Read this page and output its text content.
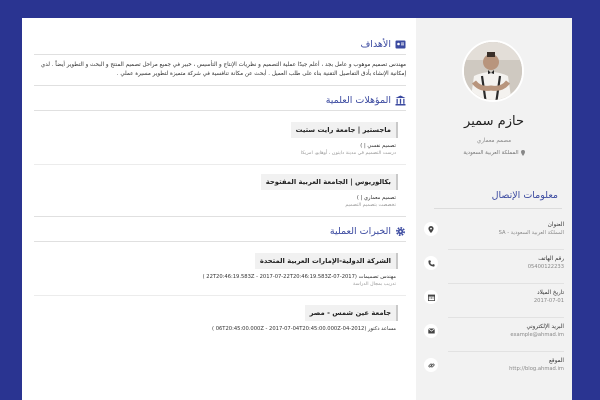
الأهداف

مهندس تصميم موهوب و عامل بجد ، أعلم جيدًا عملية التصميم و نظريات الإنتاج و التأسيس ، خبير في جميع مراحل تصميم المنتج و البحث و التطوير أيضاً . لدي إمكانية الإنشاء بأدق التفاصيل التقنية بناء على طلب العميل . أبحث عن مكانة تنافسية في شركة متميزة لتطوير مسيرة عملي .

المؤهلات العلمية
ماجستير | جامعة رايت ستيت
تصميم نفسي | )
درست التصميم في مدينة دايتون ، أوهايو، امريكا
بكالوريوس | الجامعة العربية المفتوحة
تصميم معماري | )
تخصصت بتصميم التصميم
الخبرات العملية
الشركة الدولية-الإمارات العربية المتحدة
مهندس تصميمات (2017-07-22T20:46:19.583Z - 2017-07-22T20:46:19.583Z )
تدريب بمجال الدراسة
جامعة عين شمس - مصر
مساعد دكتور (2012-04-06T20:45:00.000Z - 2017-07-04T20:45:00.000Z )
حازم سمير
مصمم معماري
المملكة العربية السعودية
معلومات الإتصال
العنوان
المملكة العربية السعودية - SA
رقم الهاتف
05400122233
تاريخ الميلاد
2017-07-01
البريد الإلكتروني
example@ahmad.im
الموقع
http://blog.ahmad.im
